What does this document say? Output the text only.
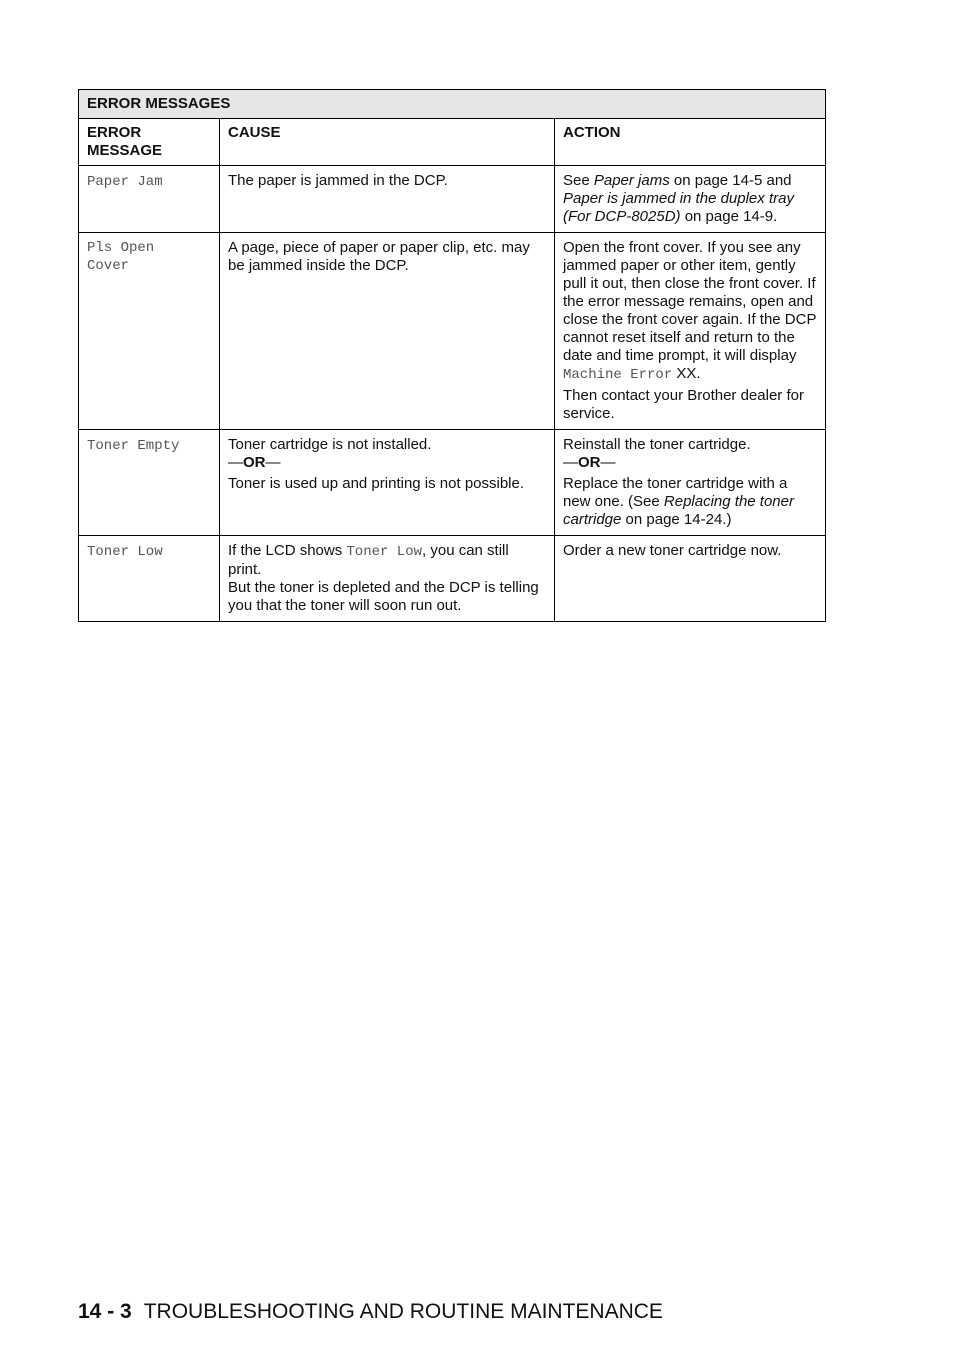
ERROR MESSAGES		
ERROR MESSAGE	CAUSE	ACTION
Paper Jam	The paper is jammed in the DCP.	See Paper jams on page 14-5 and Paper is jammed in the duplex tray (For DCP-8025D) on page 14-9.

Pls Open Cover	A page, piece of paper or paper clip, etc. may be jammed inside the DCP.	Open the front cover. If you see any jammed paper or other item, gently pull it out, then close the front cover. If the error message remains, open and close the front cover again. If the DCP cannot reset itself and return to the date and time prompt, it will display Machine Error XX.
Then contact your Brother dealer for service.

Toner Empty	Toner cartridge is not installed.
—OR—
Toner is used up and printing is not possible.	Reinstall the toner cartridge.
—OR—
Replace the toner cartridge with a new one. (See Replacing the toner cartridge on page 14-24.)

Toner Low	If the LCD shows Toner Low, you can still print.
But the toner is depleted and the DCP is telling you that the toner will soon run out.	Order a new toner cartridge now.
14 - 3 TROUBLESHOOTING AND ROUTINE MAINTENANCE
